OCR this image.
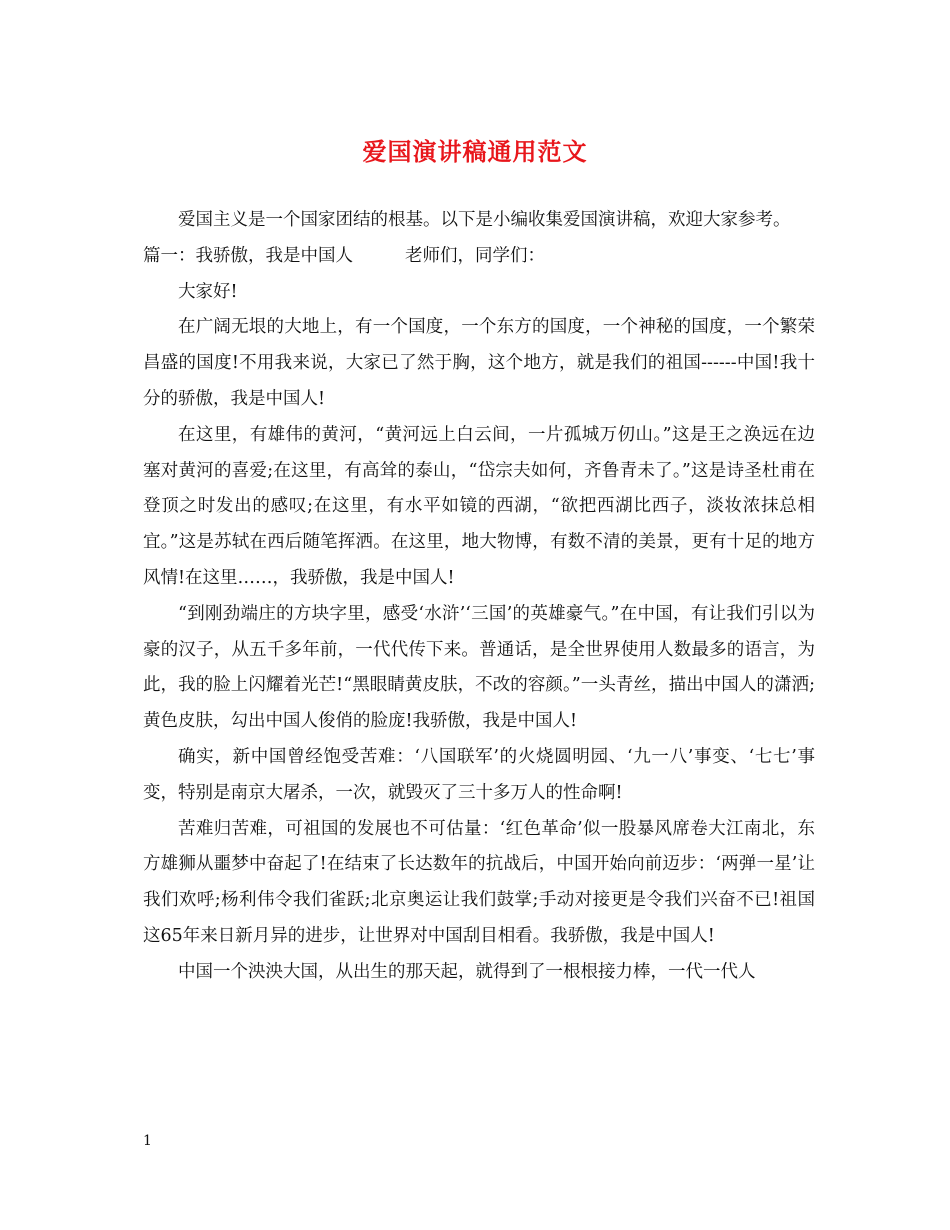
爱国演讲稿通用范文

爱国主义是一个国家团结的根基。以下是小编收集爱国演讲稿，欢迎大家参考。

篇一：我骄傲，我是中国人	老师们，同学们：

大家好!

在广阔无垠的大地上，有一个国度，一个东方的国度，一个神秘的国度，一个繁荣昌盛的国度!不用我来说，大家已了然于胸，这个地方，就是我们的祖国------中国!我十分的骄傲，我是中国人!

在这里，有雄伟的黄河，“黄河远上白云间，一片孤城万仞山。”这是王之涣远在边塞对黄河的喜爱;在这里，有高耸的泰山，“岱宗夫如何，齐鲁青未了。”这是诗圣杜甫在登顶之时发出的感叹;在这里，有水平如镜的西湖，“欲把西湖比西子，淡妆浓抹总相宜。”这是苏轼在西后随笔挥洒。在这里，地大物博，有数不清的美景，更有十足的地方风情!在这里……，我骄傲，我是中国人!

“到刚劲端庄的方块字里，感受‘水浒’‘三国’的英雄豪气。”在中国，有让我们引以为豪的汉子，从五千多年前，一代代传下来。普通话，是全世界使用人数最多的语言，为此，我的脸上闪耀着光芒!“黑眼睛黄皮肤，不改的容颜。”一头青丝，描出中国人的潇洒;黄色皮肤，勾出中国人俊俏的脸庞!我骄傲，我是中国人!

确实，新中国曾经饱受苦难：‘八国联军’的火烧圆明园、‘九一八’事变、‘七七’事变，特别是南京大屠杀，一次，就毁灭了三十多万人的性命啊!

苦难归苦难，可祖国的发展也不可估量：‘红色革命’似一股暴风席卷大江南北，东方雄狮从噩梦中奋起了!在结束了长达数年的抗战后，中国开始向前迈步：‘两弹一星’让我们欢呼;杨利伟令我们雀跃;北京奥运让我们鼓掌;手动对接更是令我们兴奋不已!祖国这65年来日新月异的进步，让世界对中国刮目相看。我骄傲，我是中国人!

中国一个泱泱大国，从出生的那天起，就得到了一根根接力棒，一代一代人

1
